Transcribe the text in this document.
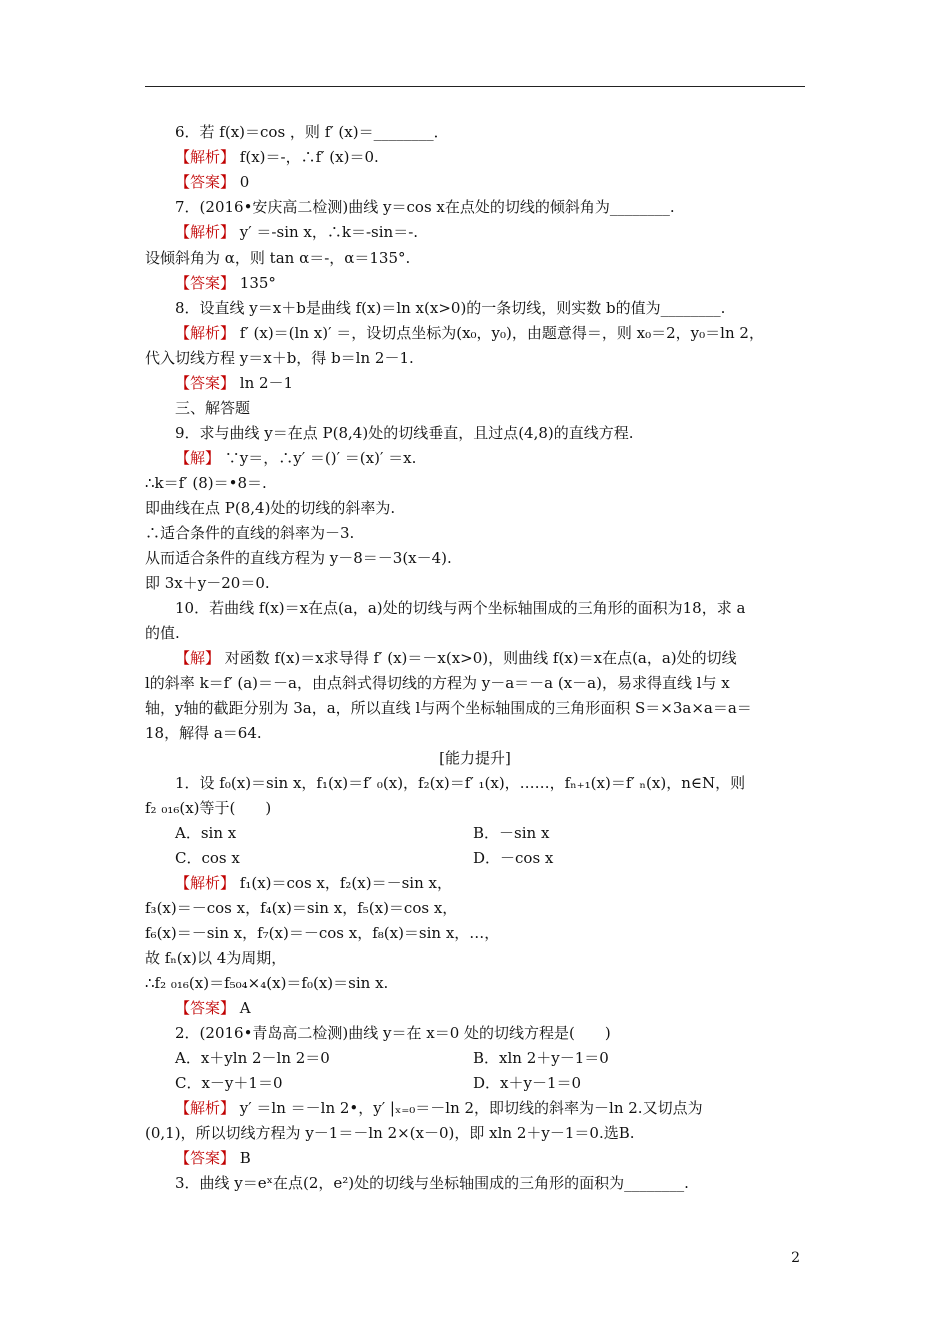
6．若 f(x)＝cos ，则 f′ (x)＝________．
【解析】 f(x)＝-，∴f′ (x)＝0.
【答案】 0
7．(2016•安庆高二检测)曲线 y＝cos x在点处的切线的倾斜角为________.
【解析】 y′ ＝-sin x，∴k＝-sin＝-.
设倾斜角为 α，则 tan α＝-，α＝135°.
【答案】 135°
8．设直线 y＝x＋b是曲线 f(x)＝ln x(x>0)的一条切线，则实数 b的值为________.
【解析】 f′ (x)＝(ln x)′ ＝，设切点坐标为(x₀，y₀)，由题意得＝，则 x₀＝2，y₀＝ln 2，
代入切线方程 y＝x＋b，得 b＝ln 2－1.
【答案】 ln 2－1
三、解答题
9．求与曲线 y＝在点 P(8,4)处的切线垂直，且过点(4,8)的直线方程.
【解】 ∵y＝，∴y′ ＝()′ ＝(x)′ ＝x.
∴k＝f′ (8)＝•8＝.
即曲线在点 P(8,4)处的切线的斜率为.
∴适合条件的直线的斜率为－3.
从而适合条件的直线方程为 y－8＝－3(x－4).
即 3x＋y－20＝0.
10．若曲线 f(x)＝x在点(a，a)处的切线与两个坐标轴围成的三角形的面积为18，求 a
的值.
【解】 对函数 f(x)＝x求导得 f′ (x)＝－x(x>0)，则曲线 f(x)＝x在点(a，a)处的切线
l的斜率 k＝f′ (a)＝－a，由点斜式得切线的方程为 y－a＝－a (x－a)，易求得直线 l与 x
轴，y轴的截距分别为 3a，a，所以直线 l与两个坐标轴围成的三角形面积 S＝×3a×a＝a＝
18，解得 a＝64.
[能力提升]
1．设 f₀(x)＝sin x，f₁(x)＝f′ ₀(x)，f₂(x)＝f′ ₁(x)，……，fₙ₊₁(x)＝f′ ₙ(x)，n∈N，则
f₂ ₀₁₆(x)等于(　　)
A．sin x	B．－sin x
C．cos x	D．－cos x
【解析】 f₁(x)＝cos x，f₂(x)＝－sin x，
f₃(x)＝－cos x，f₄(x)＝sin x，f₅(x)＝cos x，
f₆(x)＝－sin x，f₇(x)＝－cos x，f₈(x)＝sin x，…，
故 fₙ(x)以 4为周期，
∴f₂ ₀₁₆(x)＝f₅₀₄×₄(x)＝f₀(x)＝sin x.
【答案】 A
2．(2016•青岛高二检测)曲线 y＝在 x＝0 处的切线方程是(　　)
A．x＋yln 2－ln 2＝0	B．xln 2＋y－1＝0
C．x－y＋1＝0	D．x＋y－1＝0
【解析】 y′ ＝ln ＝－ln 2•，y′ |ₓ₌₀＝－ln 2，即切线的斜率为－ln 2.又切点为
(0,1)，所以切线方程为 y－1＝－ln 2×(x－0)，即 xln 2＋y－1＝0.选B.
【答案】 B
3．曲线 y＝eˣ在点(2，e²)处的切线与坐标轴围成的三角形的面积为________.
2
